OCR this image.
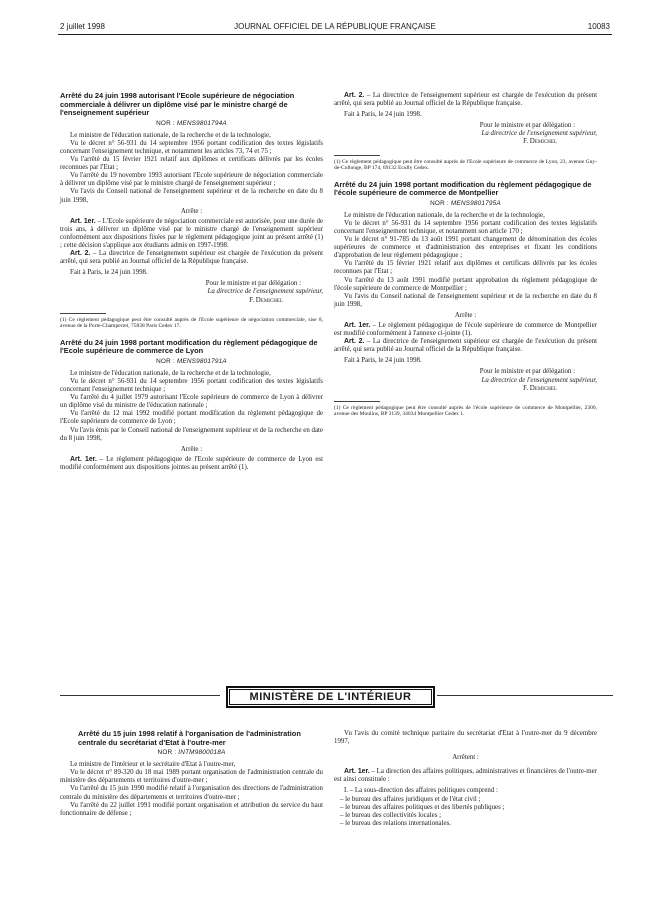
2 juillet 1998	JOURNAL OFFICIEL DE LA RÉPUBLIQUE FRANÇAISE	10083
Arrêté du 24 juin 1998 autorisant l'Ecole supérieure de négociation commerciale à délivrer un diplôme visé par le ministre chargé de l'enseignement supérieur
NOR : MENS9801794A

Le ministre de l'éducation nationale, de la recherche et de la technologie,

Vu le décret n° 56-931 du 14 septembre 1956 portant codification des textes législatifs concernant l'enseignement technique, et notamment les articles 73, 74 et 75 ;

Vu l'arrêté du 15 février 1921 relatif aux diplômes et certificats délivrés par les écoles reconnues par l'Etat ;

Vu l'arrêté du 19 novembre 1993 autorisant l'Ecole supérieure de négociation commerciale à délivrer un diplôme visé par le ministre chargé de l'enseignement supérieur ;

Vu l'avis du Conseil national de l'enseignement supérieur et de la recherche en date du 8 juin 1998,

Arrête :

Art. 1er. – L'Ecole supérieure de négociation commerciale est autorisée, pour une durée de trois ans, à délivrer un diplôme visé par le ministre chargé de l'enseignement supérieur conformément aux dispositions fixées par le règlement pédagogique joint au présent arrêté (1) ; cette décision s'applique aux étudiants admis en 1997-1998.

Art. 2. – La directrice de l'enseignement supérieur est chargée de l'exécution du présent arrêté, qui sera publié au Journal officiel de la République française.

Fait à Paris, le 24 juin 1998.

Pour le ministre et par délégation :
La directrice de l'enseignement supérieur,
F. Demichel

(1) Ce règlement pédagogique peut être consulté auprès de l'Ecole supérieure de négociation commerciale, sise 8, avenue de la Porte-Champerret, 75838 Paris Cedex 17.

Arrêté du 24 juin 1998 portant modification du règlement pédagogique de l'Ecole supérieure de commerce de Lyon
NOR : MENS9801791A

Le ministre de l'éducation nationale, de la recherche et de la technologie,

Vu le décret n° 56-931 du 14 septembre 1956 portant codification des textes législatifs concernant l'enseignement technique ;

Vu l'arrêté du 4 juillet 1979 autorisant l'Ecole supérieure de commerce de Lyon à délivrer un diplôme visé du ministre de l'éducation nationale ;

Vu l'arrêté du 12 mai 1992 modifié portant modification du règlement pédagogique de l'Ecole supérieure de commerce de Lyon ;

Vu l'avis émis par le Conseil national de l'enseignement supérieur et de la recherche en date du 8 juin 1998,

Arrête :

Art. 1er. – Le règlement pédagogique de l'Ecole supérieure de commerce de Lyon est modifié conformément aux dispositions jointes au présent arrêté (1).

Art. 2. – La directrice de l'enseignement supérieur est chargée de l'exécution du présent arrêté, qui sera publié au Journal officiel de la République française.

Fait à Paris, le 24 juin 1998.

Pour le ministre et par délégation :
La directrice de l'enseignement supérieur,
F. Demichel

(1) Ce règlement pédagogique peut être consulté auprès de l'Ecole supérieure de commerce de Lyon, 23, avenue Guy-de-Collonge, BP 174, 69132 Ecully Cedex.

Arrêté du 24 juin 1998 portant modification du règlement pédagogique de l'école supérieure de commerce de Montpellier
NOR : MENS9801795A

Le ministre de l'éducation nationale, de la recherche et de la technologie,

Vu le décret n° 56-931 du 14 septembre 1956 portant codification des textes législatifs concernant l'enseignement technique, et notamment son article 170 ;

Vu le décret n° 91-785 du 13 août 1991 portant changement de dénomination des écoles supérieures de commerce et d'administration des entreprises et fixant les conditions d'approbation de leur règlement pédagogique ;

Vu l'arrêté du 15 février 1921 relatif aux diplômes et certificats délivrés par les écoles reconnues par l'Etat ;

Vu l'arrêté du 13 août 1991 modifié portant approbation du règlement pédagogique de l'école supérieure de commerce de Montpellier ;

Vu l'avis du Conseil national de l'enseignement supérieur et de la recherche en date du 8 juin 1998,

Arrête :

Art. 1er. – Le règlement pédagogique de l'école supérieure de commerce de Montpellier est modifié conformément à l'annexe ci-jointe (1).

Art. 2. – La directrice de l'enseignement supérieur est chargée de l'exécution du présent arrêté, qui sera publié au Journal officiel de la République française.

Fait à Paris, le 24 juin 1998.

Pour le ministre et par délégation :
La directrice de l'enseignement supérieur,
F. Demichel

(1) Ce règlement pédagogique peut être consulté auprès de l'école supérieure de commerce de Montpellier, 2300, avenue des Moulins, BP 3139, 34034 Montpellier Cedex 1.

MINISTÈRE DE L'INTÉRIEUR
Arrêté du 15 juin 1998 relatif à l'organisation de l'administration centrale du secrétariat d'Etat à l'outre-mer
NOR : INTM9800018A

Le ministre de l'intérieur et le secrétaire d'Etat à l'outre-mer,

Vu le décret n° 89-320 du 18 mai 1989 portant organisation de l'administration centrale du ministère des départements et territoires d'outre-mer ;

Vu l'arrêté du 15 juin 1990 modifié relatif à l'organisation des directions de l'administration centrale du ministère des départements et territoires d'outre-mer ;

Vu l'arrêté du 22 juillet 1991 modifié portant organisation et attribution du service du haut fonctionnaire de défense ;

Vu l'avis du comité technique paritaire du secrétariat d'Etat à l'outre-mer du 9 décembre 1997,

Arrêtent :

Art. 1er. – La direction des affaires politiques, administratives et financières de l'outre-mer est ainsi constituée :

I. – La sous-direction des affaires politiques comprend :

– le bureau des affaires juridiques et de l'état civil ;
– le bureau des affaires politiques et des libertés publiques ;
– le bureau des collectivités locales ;
– le bureau des relations internationales.
